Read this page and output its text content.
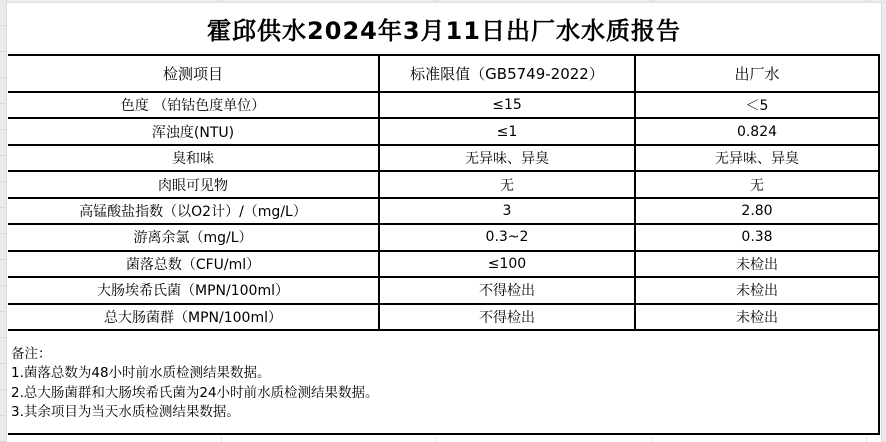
霍邱供水2024年3月11日出厂水水质报告
检测项目	标准限值（GB5749-2022）	出厂水
色度 （铂钴色度单位）	≤15	＜5
浑浊度(NTU)	≤1	0.824
臭和味	无异味、异臭	无异味、异臭
肉眼可见物	无	无
高锰酸盐指数（以O2计）/（mg/L）	3	2.80
游离余氯（mg/L）	0.3~2	0.38
菌落总数（CFU/ml）	≤100	未检出
大肠埃希氏菌（MPN/100ml）	不得检出	未检出
总大肠菌群（MPN/100ml）	不得检出	未检出
备注：
1.菌落总数为48小时前水质检测结果数据。
2.总大肠菌群和大肠埃希氏菌为24小时前水质检测结果数据。
3.其余项目为当天水质检测结果数据。
